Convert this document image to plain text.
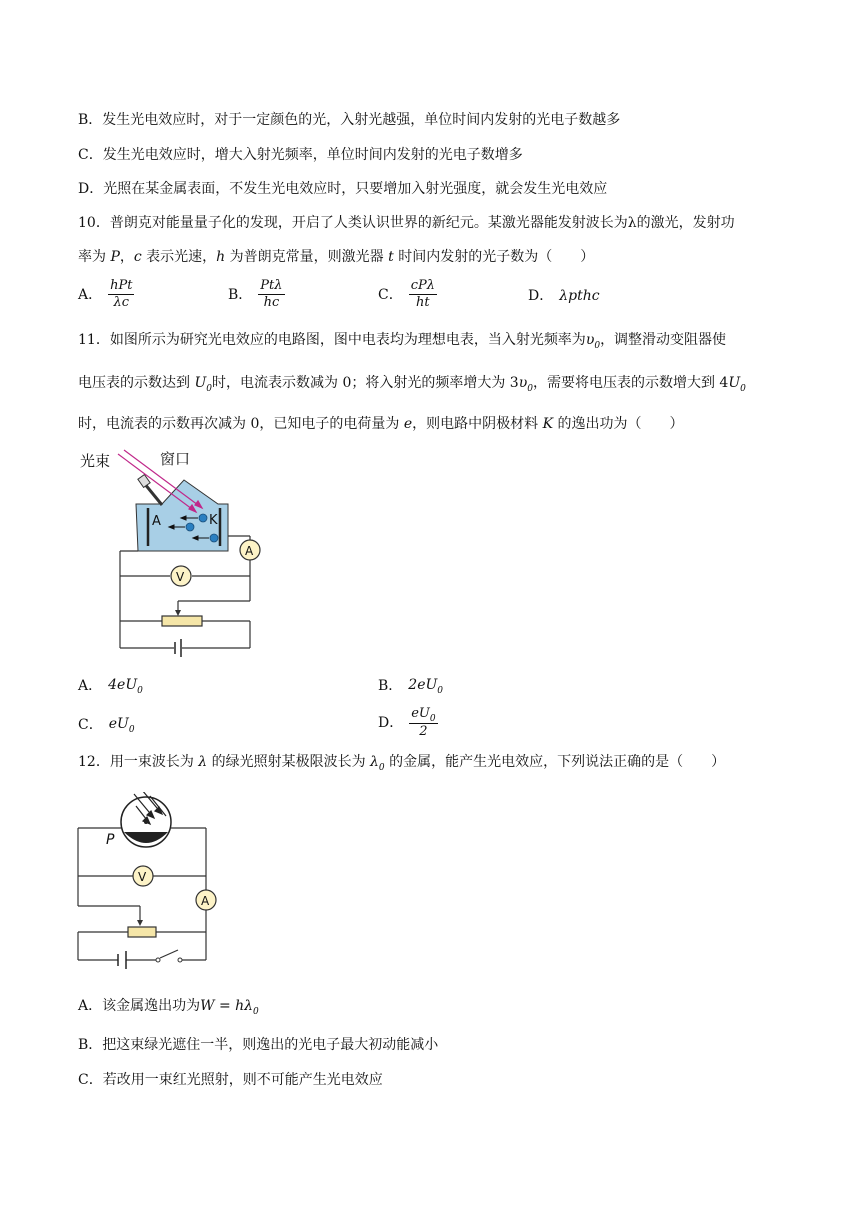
B．发生光电效应时，对于一定颜色的光，入射光越强，单位时间内发射的光电子数越多
C．发生光电效应时，增大入射光频率，单位时间内发射的光电子数增多
D．光照在某金属表面，不发生光电效应时，只要增加入射光强度，就会发生光电效应
10．普朗克对能量量子化的发现，开启了人类认识世界的新纪元。某激光器能发射波长为λ的激光，发射功
率为 P，c 表示光速，h 为普朗克常量，则激光器 t 时间内发射的光子数为（　　）
A． $\frac{\text{hPt}}{\lambda c}$	B． $\frac{\text{Ptλ}}{hc}$	C． $\frac{\text{cPλ}}{ht}$	D． λpthc
11．如图所示为研究光电效应的电路图，图中电表均为理想电表，当入射光频率为$\upsilon_0$，调整滑动变阻器使
电压表的示数达到 $U_0$时，电流表示数减为 0；将入射光的频率增大为 $3\upsilon_0$，需要将电压表的示数增大到 $4U_0$
时，电流表的示数再次减为 0，已知电子的电荷量为 e，则电路中阴极材料 K 的逸出功为（　　）
光束	窗口
A	K
A
V
A． $4eU_0$	B． $2eU_0$
C． $eU_0$	D． $\frac{eU_0}{2}$
12．用一束波长为 λ 的绿光照射某极限波长为 $\lambda_0$ 的金属，能产生光电效应，下列说法正确的是（　　）
P
V
A
A．该金属逸出功为$W = h\lambda_0$
B．把这束绿光遮住一半，则逸出的光电子最大初动能减小
C．若改用一束红光照射，则不可能产生光电效应
